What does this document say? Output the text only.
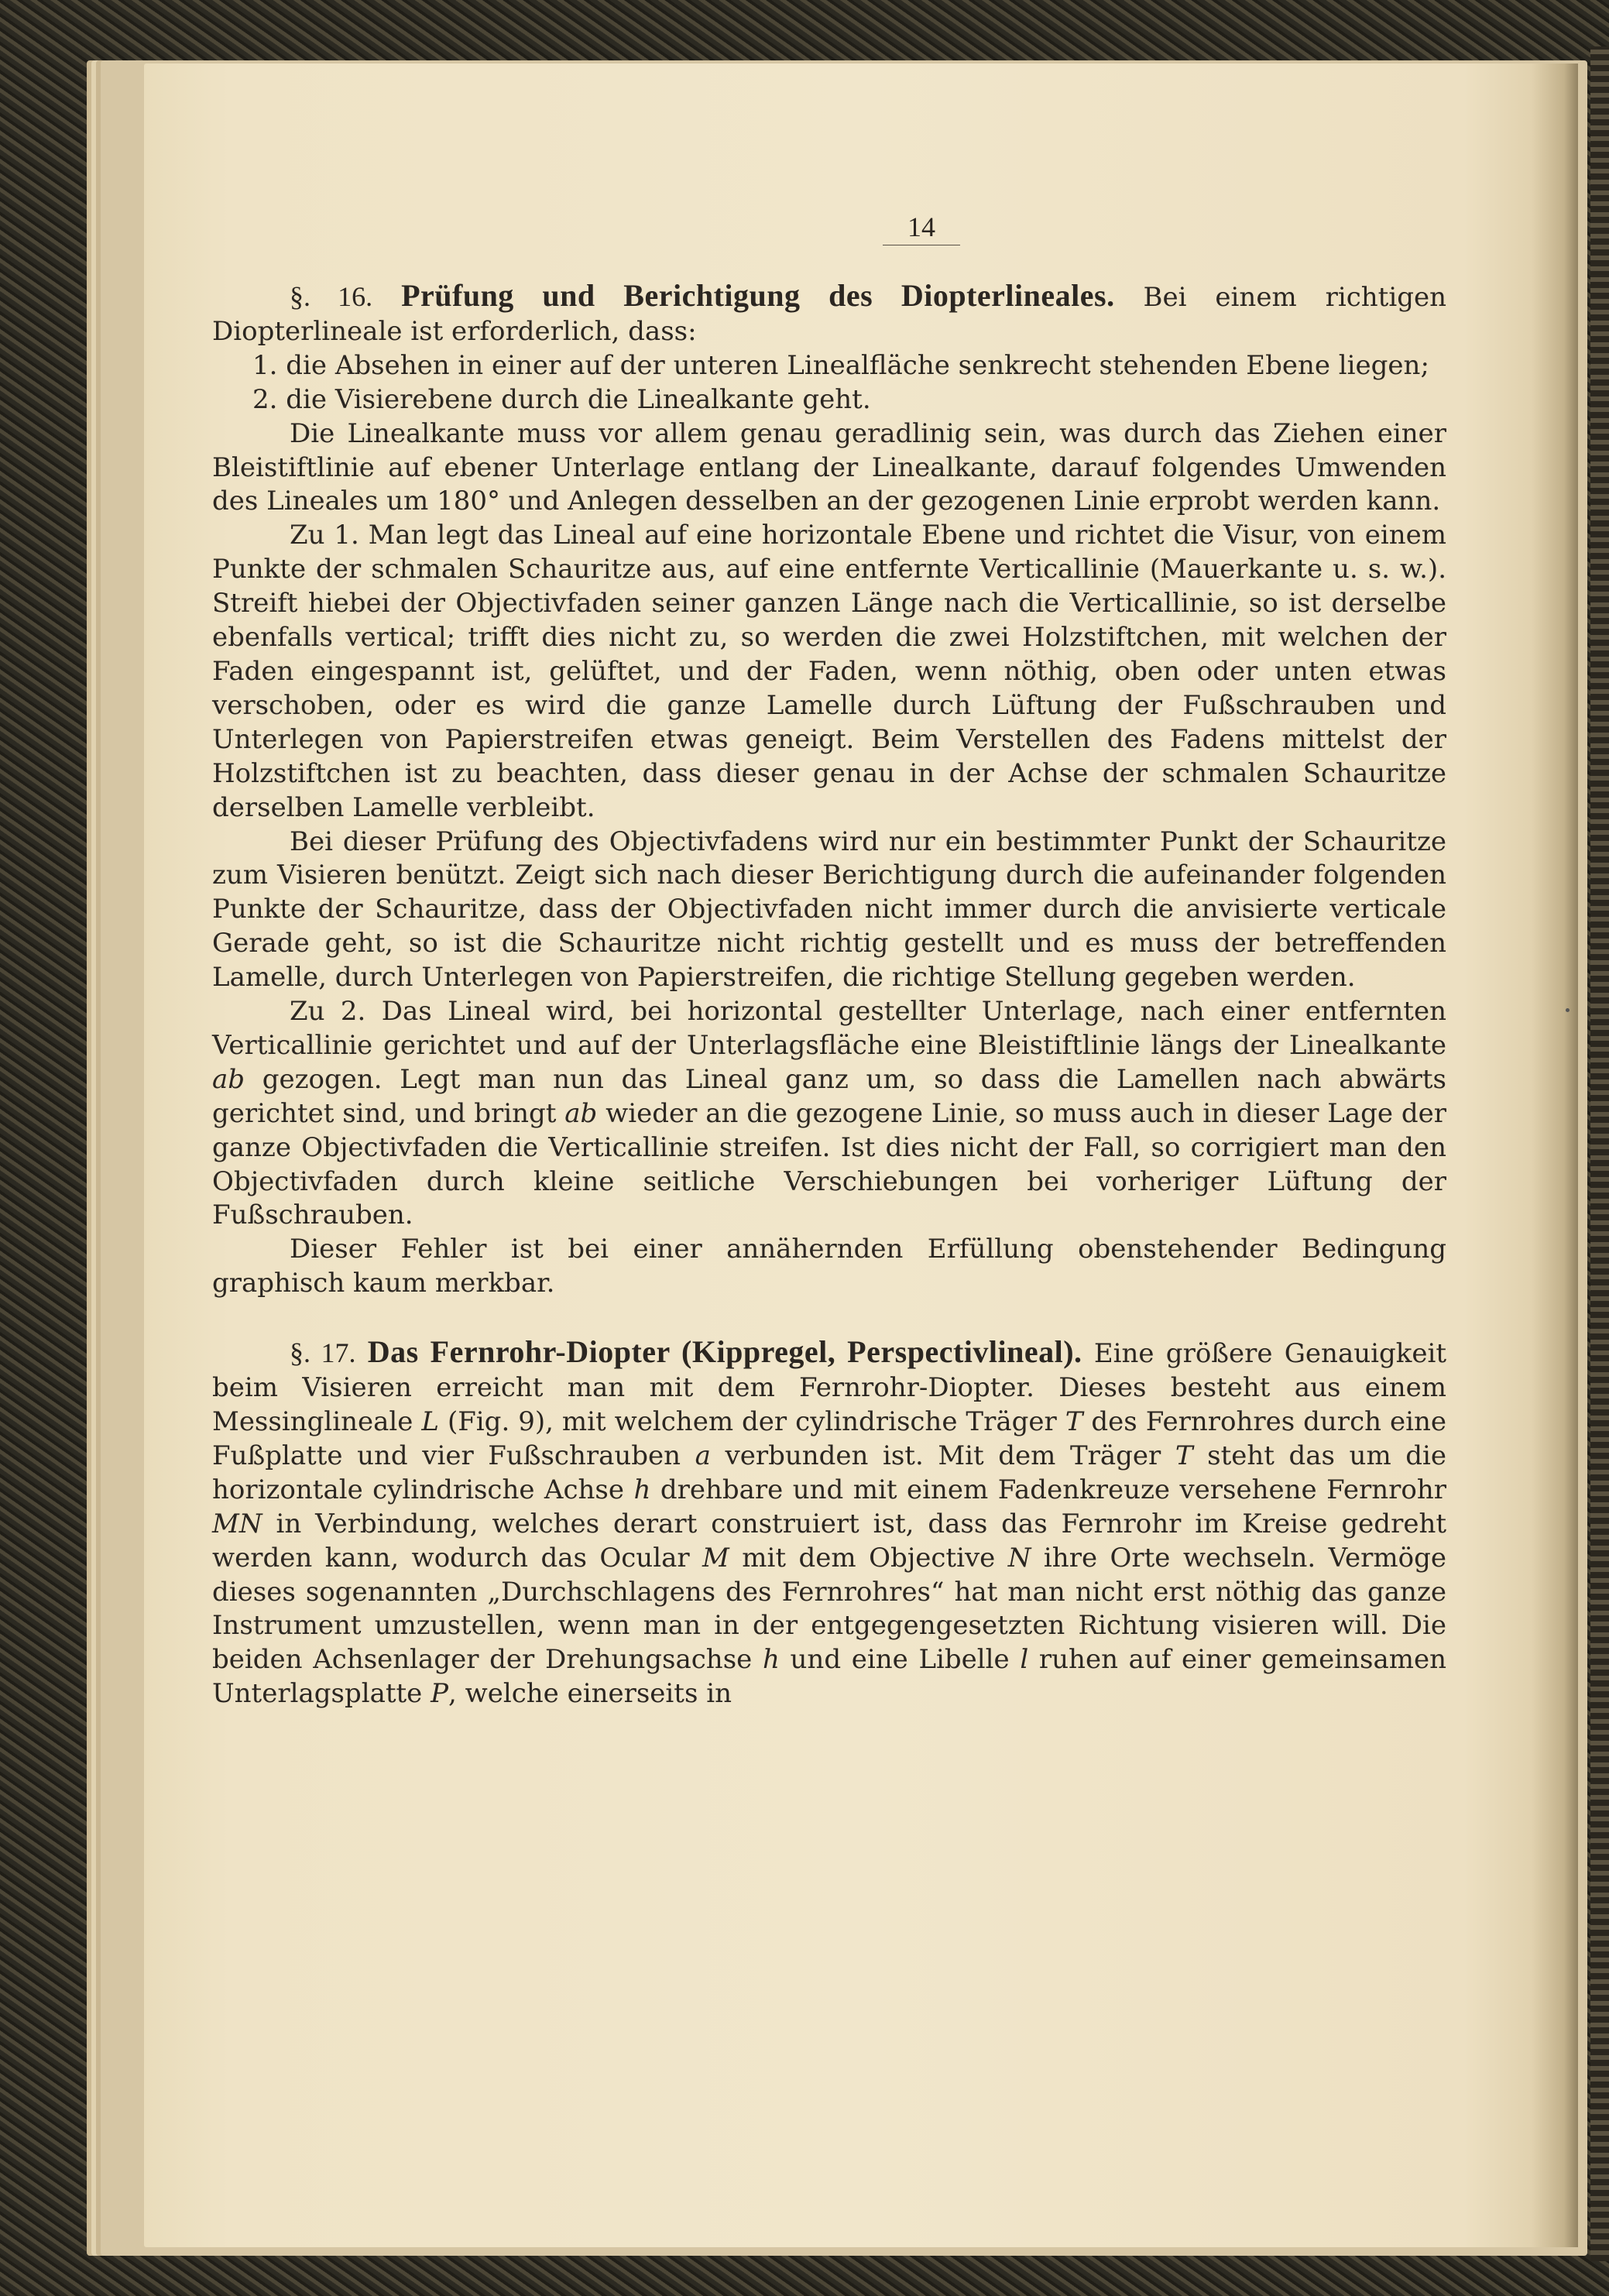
14

§. 16. Prüfung und Berichtigung des Diopterlineales. Bei einem richtigen Diopterlineale ist erforderlich, dass:

1. die Absehen in einer auf der unteren Linealfläche senkrecht stehenden Ebene liegen;

2. die Visierebene durch die Linealkante geht.

Die Linealkante muss vor allem genau geradlinig sein, was durch das Ziehen einer Bleistiftlinie auf ebener Unterlage entlang der Linealkante, darauf folgendes Umwenden des Lineales um 180° und Anlegen desselben an der gezogenen Linie erprobt werden kann.

Zu 1. Man legt das Lineal auf eine horizontale Ebene und richtet die Visur, von einem Punkte der schmalen Schauritze aus, auf eine entfernte Verticallinie (Mauerkante u. s. w.). Streift hiebei der Objectivfaden seiner ganzen Länge nach die Verticallinie, so ist derselbe ebenfalls vertical; trifft dies nicht zu, so werden die zwei Holzstiftchen, mit welchen der Faden eingespannt ist, gelüftet, und der Faden, wenn nöthig, oben oder unten etwas verschoben, oder es wird die ganze Lamelle durch Lüftung der Fußschrauben und Unterlegen von Papierstreifen etwas geneigt. Beim Verstellen des Fadens mittelst der Holzstiftchen ist zu beachten, dass dieser genau in der Achse der schmalen Schauritze derselben Lamelle verbleibt.

Bei dieser Prüfung des Objectivfadens wird nur ein bestimmter Punkt der Schauritze zum Visieren benützt. Zeigt sich nach dieser Berichtigung durch die aufeinander folgenden Punkte der Schauritze, dass der Objectivfaden nicht immer durch die anvisierte verticale Gerade geht, so ist die Schauritze nicht richtig gestellt und es muss der betreffenden Lamelle, durch Unterlegen von Papierstreifen, die richtige Stellung gegeben werden.

Zu 2. Das Lineal wird, bei horizontal gestellter Unterlage, nach einer entfernten Verticallinie gerichtet und auf der Unterlagsfläche eine Bleistiftlinie längs der Linealkante ab gezogen. Legt man nun das Lineal ganz um, so dass die Lamellen nach abwärts gerichtet sind, und bringt ab wieder an die gezogene Linie, so muss auch in dieser Lage der ganze Objectivfaden die Verticallinie streifen. Ist dies nicht der Fall, so corrigiert man den Objectivfaden durch kleine seitliche Verschiebungen bei vorheriger Lüftung der Fußschrauben.

Dieser Fehler ist bei einer annähernden Erfüllung obenstehender Bedingung graphisch kaum merkbar.

§. 17. Das Fernrohr-Diopter (Kippregel, Perspectivlineal). Eine größere Genauigkeit beim Visieren erreicht man mit dem Fernrohr-Diopter. Dieses besteht aus einem Messinglineale L (Fig. 9), mit welchem der cylindrische Träger T des Fernrohres durch eine Fußplatte und vier Fußschrauben a verbunden ist. Mit dem Träger T steht das um die horizontale cylindrische Achse h drehbare und mit einem Fadenkreuze versehene Fernrohr MN in Verbindung, welches derart construiert ist, dass das Fernrohr im Kreise gedreht werden kann, wodurch das Ocular M mit dem Objective N ihre Orte wechseln. Vermöge dieses sogenannten „Durchschlagens des Fernrohres“ hat man nicht erst nöthig das ganze Instrument umzustellen, wenn man in der entgegengesetzten Richtung visieren will. Die beiden Achsenlager der Drehungsachse h und eine Libelle l ruhen auf einer gemeinsamen Unterlagsplatte P, welche einerseits in
